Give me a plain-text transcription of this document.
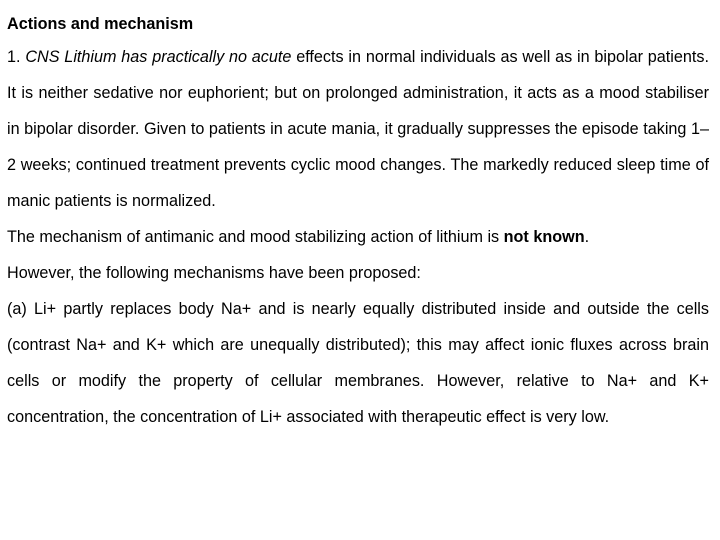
Actions and mechanism

1. CNS Lithium has practically no acute effects in normal individuals as well as in bipolar patients. It is neither sedative nor euphorient; but on prolonged administration, it acts as a mood stabiliser in bipolar disorder. Given to patients in acute mania, it gradually suppresses the episode taking 1–2 weeks; continued treatment prevents cyclic mood changes. The markedly reduced sleep time of manic patients is normalized.

The mechanism of antimanic and mood stabilizing action of lithium is not known.

However, the following mechanisms have been proposed:

(a) Li+ partly replaces body Na+ and is nearly equally distributed inside and outside the cells (contrast Na+ and K+ which are unequally distributed); this may affect ionic fluxes across brain cells or modify the property of cellular membranes. However, relative to Na+ and K+ concentration, the concentration of Li+ associated with therapeutic effect is very low.
